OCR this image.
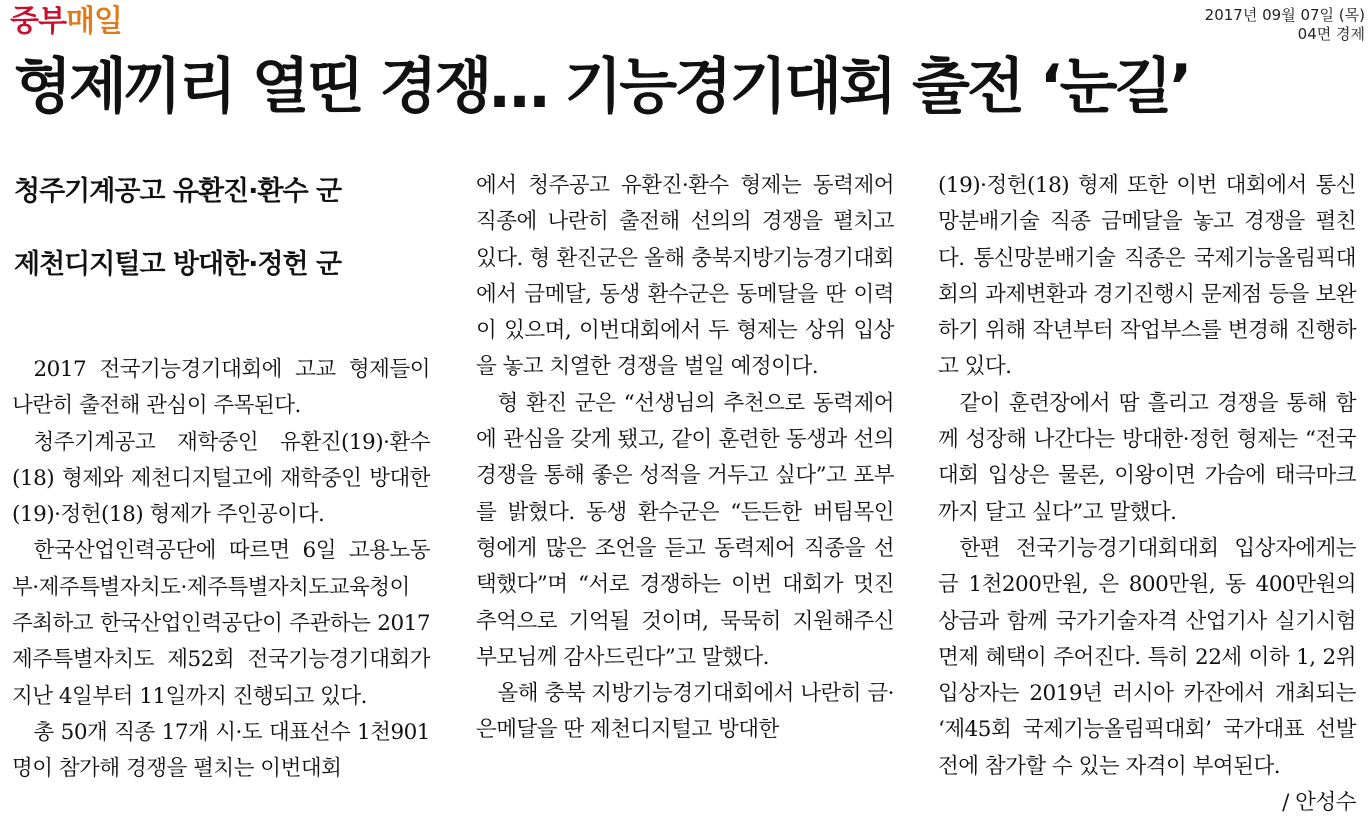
중부매일	2017년 09월 07일 (목)
04면 경제
형제끼리 열띤 경쟁… 기능경기대회 출전 ‘눈길’
청주기계공고 유환진·환수 군
제천디지털고 방대한·정헌 군

2017 전국기능경기대회에 고교 형제들이 나란히 출전해 관심이 주목된다.

청주기계공고 재학중인 유환진(19)·환수(18) 형제와 제천디지털고에 재학중인 방대한(19)·정헌(18) 형제가 주인공이다.

한국산업인력공단에 따르면 6일 고용노동부·제주특별자치도·제주특별자치도교육청이 주최하고 한국산업인력공단이 주관하는 2017 제주특별자치도 제52회 전국기능경기대회가 지난 4일부터 11일까지 진행되고 있다.

총 50개 직종 17개 시·도 대표선수 1천901명이 참가해 경쟁을 펼치는 이번대회

에서 청주공고 유환진·환수 형제는 동력제어 직종에 나란히 출전해 선의의 경쟁을 펼치고 있다. 형 환진군은 올해 충북지방기능경기대회에서 금메달, 동생 환수군은 동메달을 딴 이력이 있으며, 이번대회에서 두 형제는 상위 입상을 놓고 치열한 경쟁을 벌일 예정이다.

형 환진 군은 “선생님의 추천으로 동력제어에 관심을 갖게 됐고, 같이 훈련한 동생과 선의 경쟁을 통해 좋은 성적을 거두고 싶다”고 포부를 밝혔다. 동생 환수군은 “든든한 버팀목인 형에게 많은 조언을 듣고 동력제어 직종을 선택했다”며 “서로 경쟁하는 이번 대회가 멋진 추억으로 기억될 것이며, 묵묵히 지원해주신 부모님께 감사드린다”고 말했다.

올해 충북 지방기능경기대회에서 나란히 금·은메달을 딴 제천디지털고 방대한

(19)·정헌(18) 형제 또한 이번 대회에서 통신망분배기술 직종 금메달을 놓고 경쟁을 펼친다. 통신망분배기술 직종은 국제기능올림픽대회의 과제변환과 경기진행시 문제점 등을 보완하기 위해 작년부터 작업부스를 변경해 진행하고 있다.

같이 훈련장에서 땀 흘리고 경쟁을 통해 함께 성장해 나간다는 방대한·정헌 형제는 “전국대회 입상은 물론, 이왕이면 가슴에 태극마크까지 달고 싶다”고 말했다.

한편 전국기능경기대회대회 입상자에게는 금 1천200만원, 은 800만원, 동 400만원의 상금과 함께 국가기술자격 산업기사 실기시험 면제 혜택이 주어진다. 특히 22세 이하 1, 2위 입상자는 2019년 러시아 카잔에서 개최되는 ‘제45회 국제기능올림픽대회’ 국가대표 선발전에 참가할 수 있는 자격이 부여된다.
/ 안성수
